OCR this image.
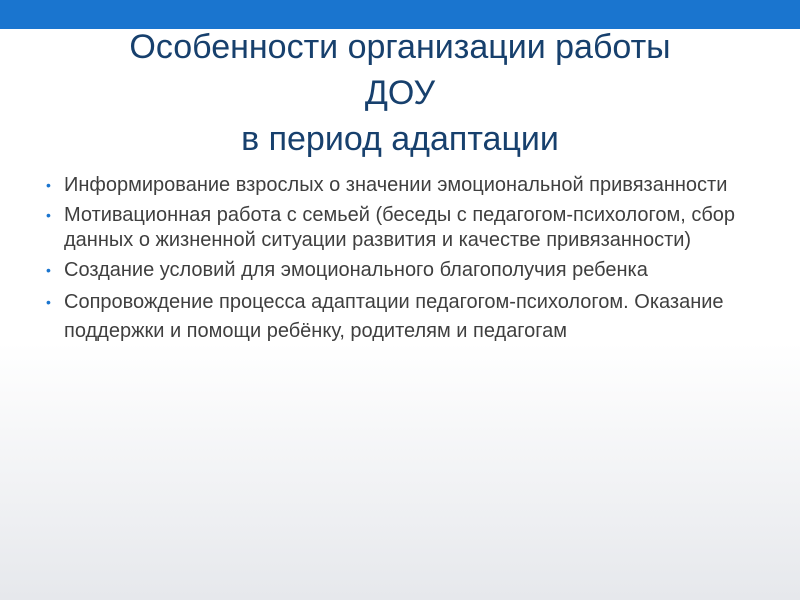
Особенности организации работы
ДОУ
в период адаптации
• Информирование взрослых о значении эмоциональной привязанности
• Мотивационная работа с семьей (беседы с педагогом-психологом, сбор данных о жизненной ситуации развития и качестве привязанности)
• Создание условий для эмоционального благополучия ребенка
• Сопровождение процесса адаптации педагогом-психологом. Оказание поддержки и помощи ребёнку, родителям и педагогам
